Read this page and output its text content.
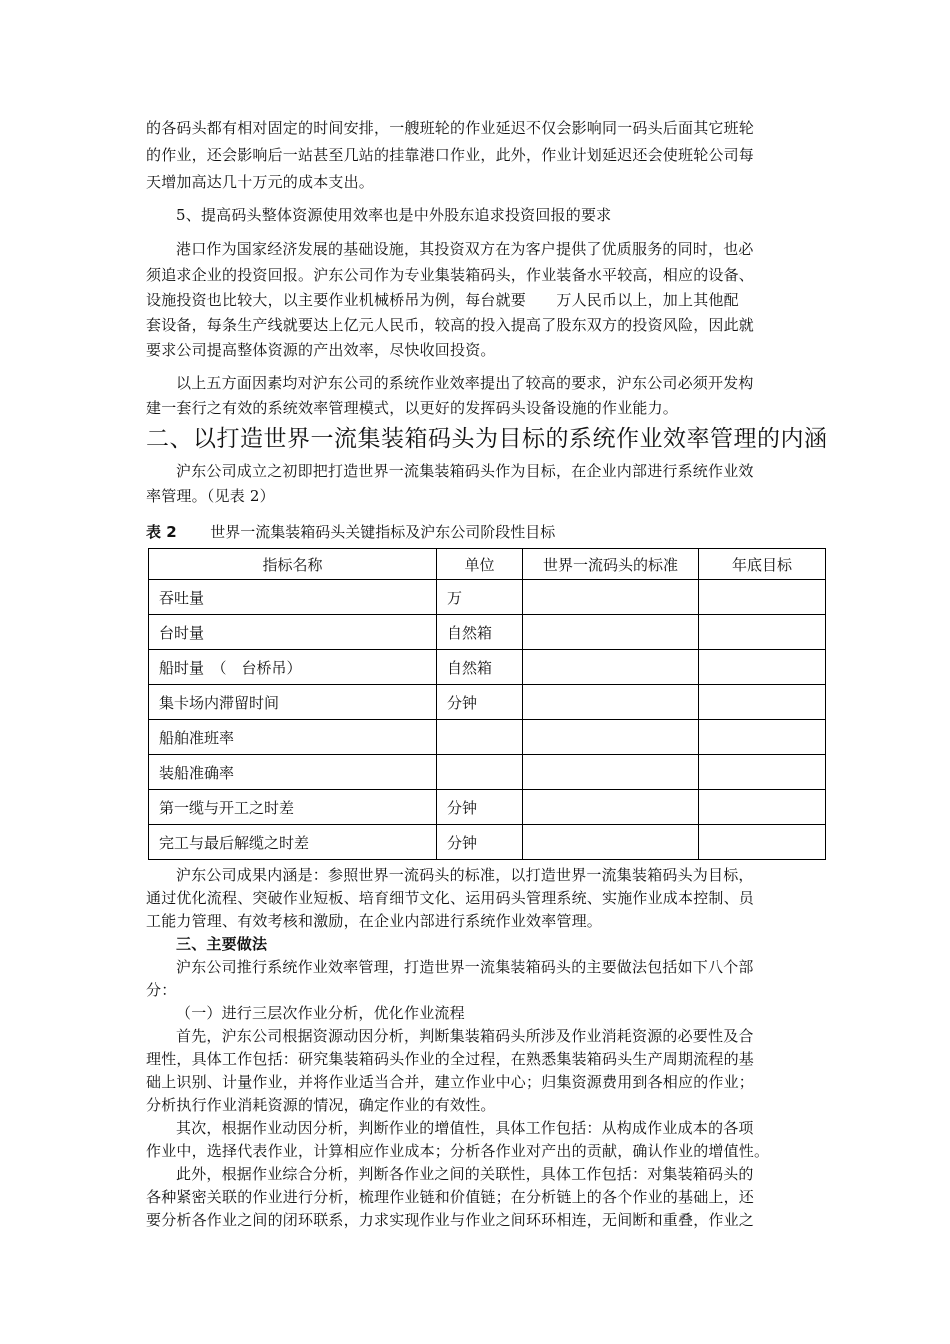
的各码头都有相对固定的时间安排，一艘班轮的作业延迟不仅会影响同一码头后面其它班轮
的作业，还会影响后一站甚至几站的挂靠港口作业，此外，作业计划延迟还会使班轮公司每
天增加高达几十万元的成本支出。
5、提高码头整体资源使用效率也是中外股东追求投资回报的要求
港口作为国家经济发展的基础设施，其投资双方在为客户提供了优质服务的同时，也必
须追求企业的投资回报。沪东公司作为专业集装箱码头，作业装备水平较高，相应的设备、
设施投资也比较大，以主要作业机械桥吊为例，每台就要　　万人民币以上，加上其他配
套设备，每条生产线就要达上亿元人民币，较高的投入提高了股东双方的投资风险，因此就
要求公司提高整体资源的产出效率，尽快收回投资。
以上五方面因素均对沪东公司的系统作业效率提出了较高的要求，沪东公司必须开发构
建一套行之有效的系统效率管理模式，以更好的发挥码头设备设施的作业能力。
二、以打造世界一流集装箱码头为目标的系统作业效率管理的内涵
沪东公司成立之初即把打造世界一流集装箱码头作为目标，在企业内部进行系统作业效
率管理。（见表 2）
表 2 世界一流集装箱码头关键指标及沪东公司阶段性目标
指标名称	单位	世界一流码头的标准	年底目标
吞吐量	万		
台时量	自然箱		
船时量　（　台桥吊）	自然箱		
集卡场内滞留时间	分钟		
船舶准班率			
装船准确率			
第一缆与开工之时差	分钟		
完工与最后解缆之时差	分钟		
沪东公司成果内涵是：参照世界一流码头的标准，以打造世界一流集装箱码头为目标，
通过优化流程、突破作业短板、培育细节文化、运用码头管理系统、实施作业成本控制、员
工能力管理、有效考核和激励，在企业内部进行系统作业效率管理。
三、主要做法
沪东公司推行系统作业效率管理，打造世界一流集装箱码头的主要做法包括如下八个部
分：
（一）进行三层次作业分析，优化作业流程
首先，沪东公司根据资源动因分析，判断集装箱码头所涉及作业消耗资源的必要性及合
理性，具体工作包括：研究集装箱码头作业的全过程，在熟悉集装箱码头生产周期流程的基
础上识别、计量作业，并将作业适当合并，建立作业中心；归集资源费用到各相应的作业；
分析执行作业消耗资源的情况，确定作业的有效性。
其次，根据作业动因分析，判断作业的增值性，具体工作包括：从构成作业成本的各项
作业中，选择代表作业，计算相应作业成本；分析各作业对产出的贡献，确认作业的增值性。
此外，根据作业综合分析，判断各作业之间的关联性，具体工作包括：对集装箱码头的
各种紧密关联的作业进行分析，梳理作业链和价值链；在分析链上的各个作业的基础上，还
要分析各作业之间的闭环联系，力求实现作业与作业之间环环相连，无间断和重叠，作业之
